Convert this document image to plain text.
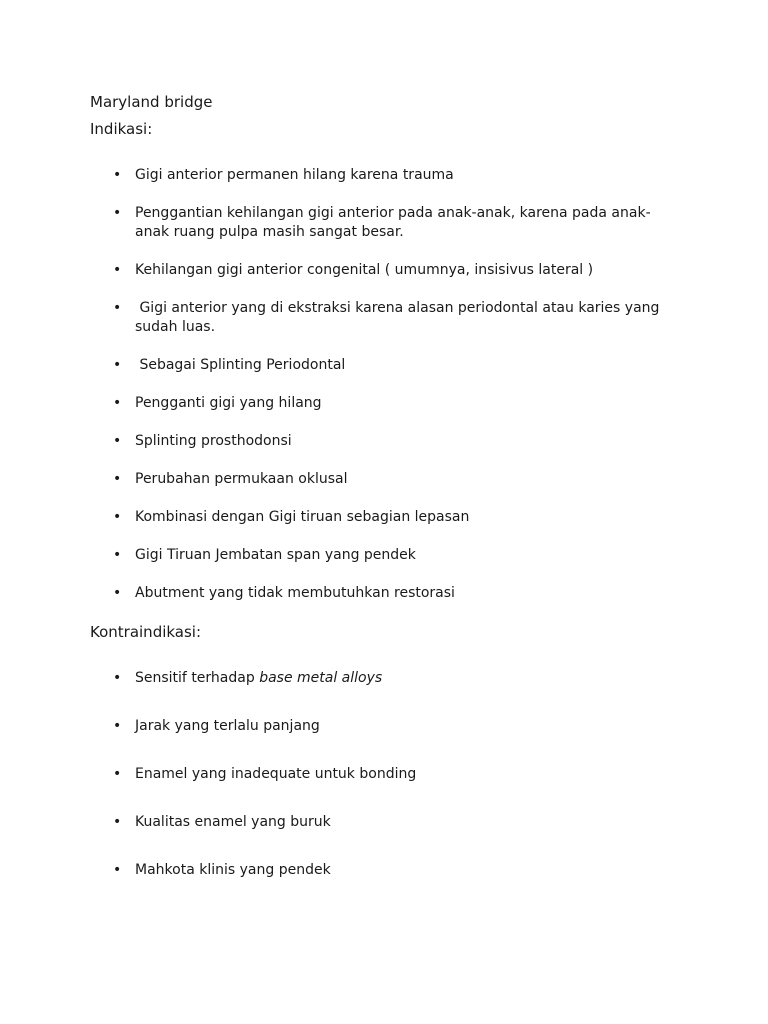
Maryland bridge
Indikasi:
• Gigi anterior permanen hilang karena trauma
• Penggantian kehilangan gigi anterior pada anak-anak, karena pada anak-anak ruang pulpa masih sangat besar.
• Kehilangan gigi anterior congenital ( umumnya, insisivus lateral )
• Gigi anterior yang di ekstraksi karena alasan periodontal atau karies yang sudah luas.
• Sebagai Splinting Periodontal
• Pengganti gigi yang hilang
• Splinting prosthodonsi
• Perubahan permukaan oklusal
• Kombinasi dengan Gigi tiruan sebagian lepasan
• Gigi Tiruan Jembatan span yang pendek
• Abutment yang tidak membutuhkan restorasi
Kontraindikasi:
• Sensitif terhadap base metal alloys
• Jarak yang terlalu panjang
• Enamel yang inadequate untuk bonding
• Kualitas enamel yang buruk
• Mahkota klinis yang pendek
